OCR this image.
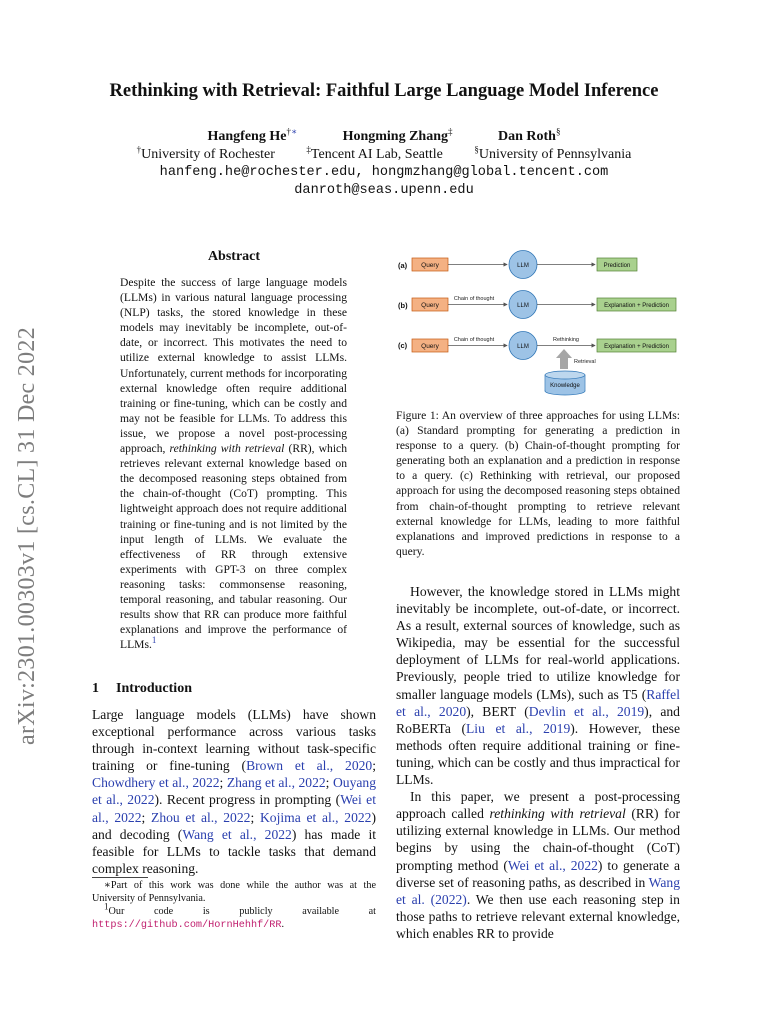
arXiv:2301.00303v1 [cs.CL] 31 Dec 2022
Rethinking with Retrieval: Faithful Large Language Model Inference
Hangfeng He†∗	Hongming Zhang‡	Dan Roth§
†University of Rochester	‡Tencent AI Lab, Seattle	§University of Pennsylvania
hanfeng.he@rochester.edu, hongmzhang@global.tencent.com
danroth@seas.upenn.edu
Abstract

Despite the success of large language models (LLMs) in various natural language processing (NLP) tasks, the stored knowledge in these models may inevitably be incomplete, out-of-date, or incorrect. This motivates the need to utilize external knowledge to assist LLMs. Unfortunately, current methods for incorporating external knowledge often require additional training or fine-tuning, which can be costly and may not be feasible for LLMs. To address this issue, we propose a novel post-processing approach, rethinking with retrieval (RR), which retrieves relevant external knowledge based on the decomposed reasoning steps obtained from the chain-of-thought (CoT) prompting. This lightweight approach does not require additional training or fine-tuning and is not limited by the input length of LLMs. We evaluate the effectiveness of RR through extensive experiments with GPT-3 on three complex reasoning tasks: commonsense reasoning, temporal reasoning, and tabular reasoning. Our results show that RR can produce more faithful explanations and improve the performance of LLMs.$^1$

1 Introduction

Large language models (LLMs) have shown exceptional performance across various tasks through in-context learning without task-specific training or fine-tuning (Brown et al., 2020; Chowdhery et al., 2022; Zhang et al., 2022; Ouyang et al., 2022). Recent progress in prompting (Wei et al., 2022; Zhou et al., 2022; Kojima et al., 2022) and decoding (Wang et al., 2022) has made it feasible for LLMs to tackle tasks that demand complex reasoning.

∗Part of this work was done while the author was at the University of Pennsylvania.

1Our code is publicly available at https://github.com/HornHehhf/RR.

(a) Query	LLM	Prediction
(b) Query
Chain of thought
LLM	Explanation + Prediction
(c) Query
Chain of thought
LLM
Rethinking
Explanation + Prediction
Retrieval
Knowledge
Figure 1: An overview of three approaches for using LLMs: (a) Standard prompting for generating a prediction in response to a query. (b) Chain-of-thought prompting for generating both an explanation and a prediction in response to a query. (c) Rethinking with retrieval, our proposed approach for using the decomposed reasoning steps obtained from chain-of-thought prompting to retrieve relevant external knowledge for LLMs, leading to more faithful explanations and improved predictions in response to a query.

However, the knowledge stored in LLMs might inevitably be incomplete, out-of-date, or incorrect. As a result, external sources of knowledge, such as Wikipedia, may be essential for the successful deployment of LLMs for real-world applications. Previously, people tried to utilize knowledge for smaller language models (LMs), such as T5 (Raffel et al., 2020), BERT (Devlin et al., 2019), and RoBERTa (Liu et al., 2019). However, these methods often require additional training or fine-tuning, which can be costly and thus impractical for LLMs.

In this paper, we present a post-processing approach called rethinking with retrieval (RR) for utilizing external knowledge in LLMs. Our method begins by using the chain-of-thought (CoT) prompting method (Wei et al., 2022) to generate a diverse set of reasoning paths, as described in Wang et al. (2022). We then use each reasoning step in those paths to retrieve relevant external knowledge, which enables RR to provide
